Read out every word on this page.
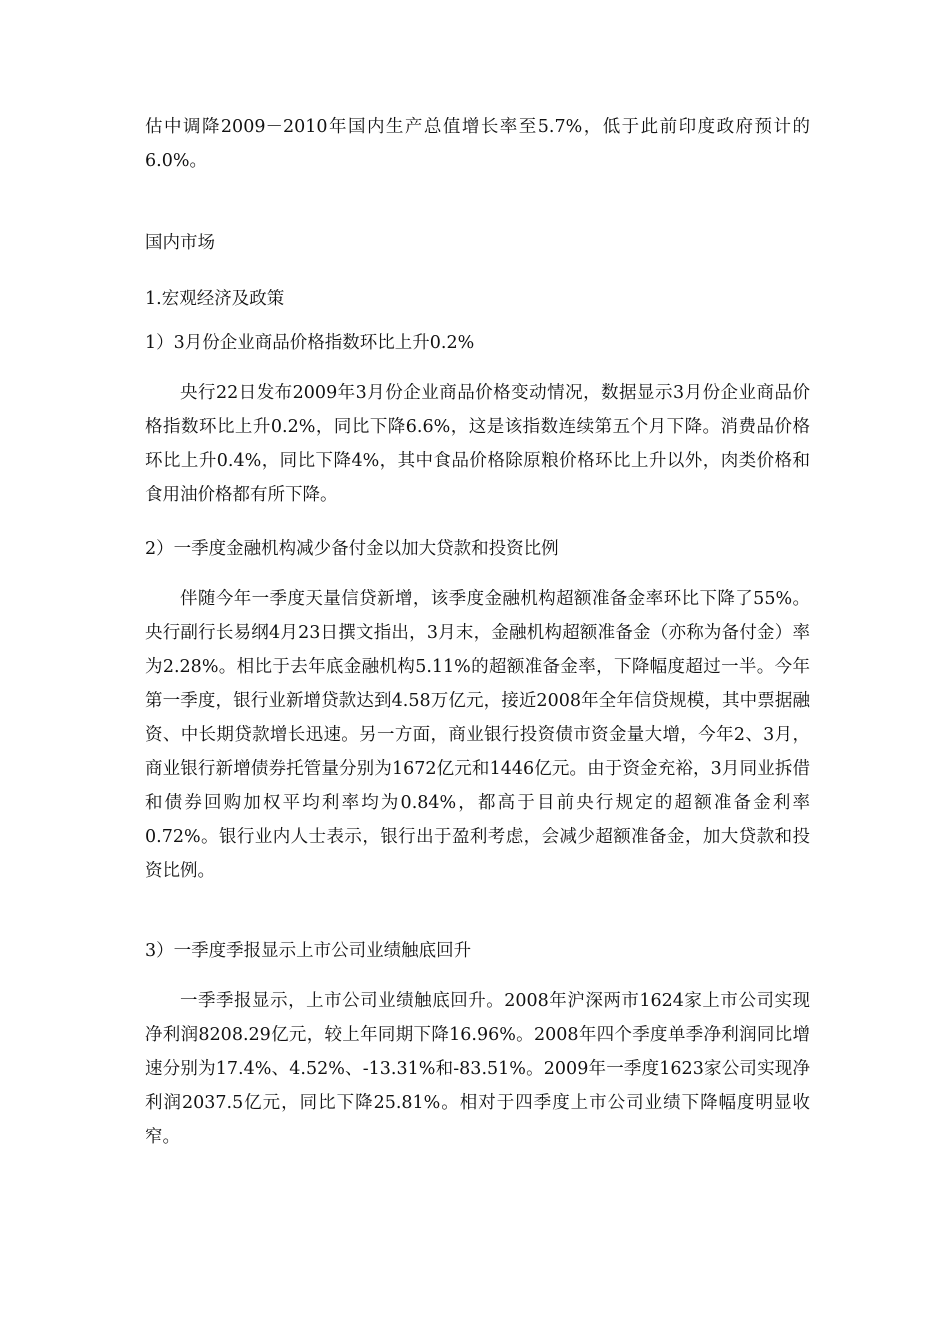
估中调降2009－2010年国内生产总值增长率至5.7%，低于此前印度政府预计的6.0%。

国内市场

1.宏观经济及政策

1）3月份企业商品价格指数环比上升0.2%

央行22日发布2009年3月份企业商品价格变动情况，数据显示3月份企业商品价格指数环比上升0.2%，同比下降6.6%，这是该指数连续第五个月下降。消费品价格环比上升0.4%，同比下降4%，其中食品价格除原粮价格环比上升以外，肉类价格和食用油价格都有所下降。

2）一季度金融机构减少备付金以加大贷款和投资比例

伴随今年一季度天量信贷新增，该季度金融机构超额准备金率环比下降了55%。央行副行长易纲4月23日撰文指出，3月末，金融机构超额准备金（亦称为备付金）率为2.28%。相比于去年底金融机构5.11%的超额准备金率，下降幅度超过一半。今年第一季度，银行业新增贷款达到4.58万亿元，接近2008年全年信贷规模，其中票据融资、中长期贷款增长迅速。另一方面，商业银行投资债市资金量大增，今年2、3月，商业银行新增债券托管量分别为1672亿元和1446亿元。由于资金充裕，3月同业拆借和债券回购加权平均利率均为0.84%，都高于目前央行规定的超额准备金利率0.72%。银行业内人士表示，银行出于盈利考虑，会减少超额准备金，加大贷款和投资比例。

3）一季度季报显示上市公司业绩触底回升

一季季报显示，上市公司业绩触底回升。2008年沪深两市1624家上市公司实现净利润8208.29亿元，较上年同期下降16.96%。2008年四个季度单季净利润同比增速分别为17.4%、4.52%、-13.31%和-83.51%。2009年一季度1623家公司实现净利润2037.5亿元，同比下降25.81%。相对于四季度上市公司业绩下降幅度明显收窄。
